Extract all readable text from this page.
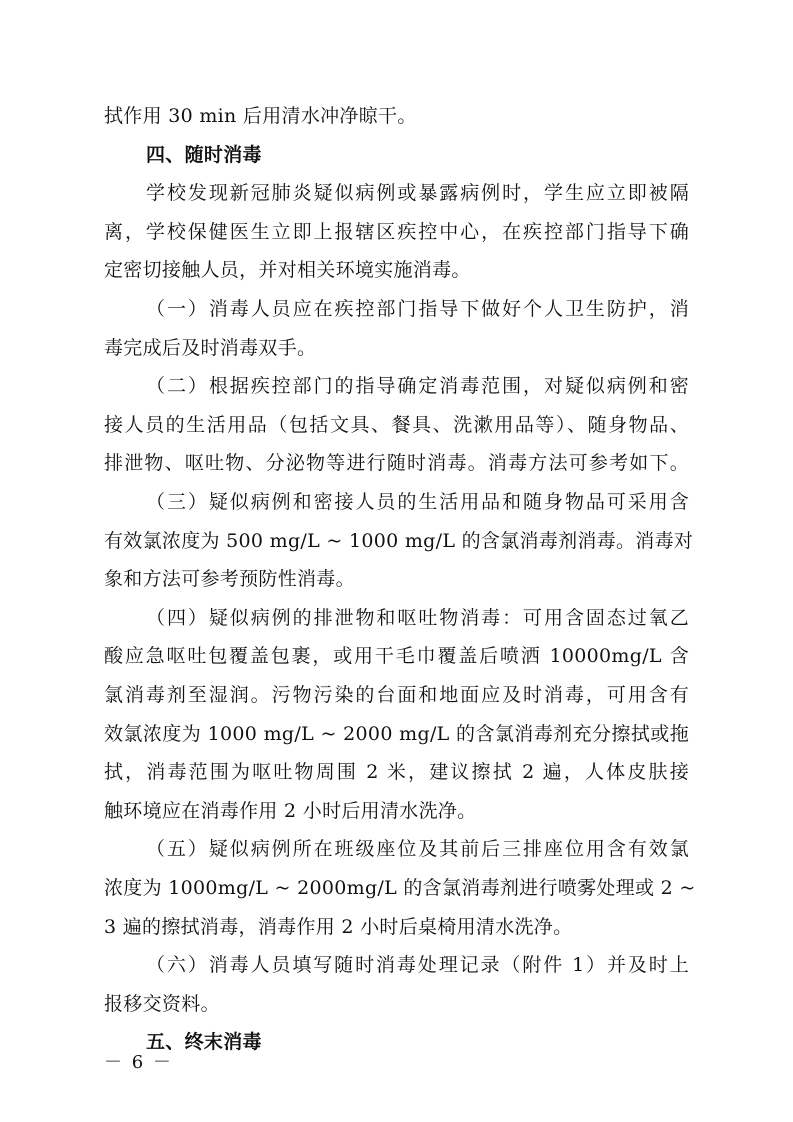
拭作用 30 min 后用清水冲净晾干。
四、随时消毒
学校发现新冠肺炎疑似病例或暴露病例时，学生应立即被隔
离，学校保健医生立即上报辖区疾控中心，在疾控部门指导下确
定密切接触人员，并对相关环境实施消毒。
（一）消毒人员应在疾控部门指导下做好个人卫生防护，消
毒完成后及时消毒双手。
（二）根据疾控部门的指导确定消毒范围，对疑似病例和密
接人员的生活用品（包括文具、餐具、洗漱用品等）、随身物品、
排泄物、呕吐物、分泌物等进行随时消毒。消毒方法可参考如下。
（三）疑似病例和密接人员的生活用品和随身物品可采用含
有效氯浓度为 500 mg/L ~ 1000 mg/L 的含氯消毒剂消毒。消毒对
象和方法可参考预防性消毒。
（四）疑似病例的排泄物和呕吐物消毒：可用含固态过氧乙
酸应急呕吐包覆盖包裹，或用干毛巾覆盖后喷洒 10000mg/L 含
氯消毒剂至湿润。污物污染的台面和地面应及时消毒，可用含有
效氯浓度为 1000 mg/L ~ 2000 mg/L 的含氯消毒剂充分擦拭或拖
拭，消毒范围为呕吐物周围 2 米，建议擦拭 2 遍，人体皮肤接
触环境应在消毒作用 2 小时后用清水洗净。
（五）疑似病例所在班级座位及其前后三排座位用含有效氯
浓度为 1000mg/L ~ 2000mg/L 的含氯消毒剂进行喷雾处理或 2 ~
3 遍的擦拭消毒，消毒作用 2 小时后桌椅用清水洗净。
（六）消毒人员填写随时消毒处理记录（附件 1）并及时上
报移交资料。
五、终末消毒
－ 6 －
